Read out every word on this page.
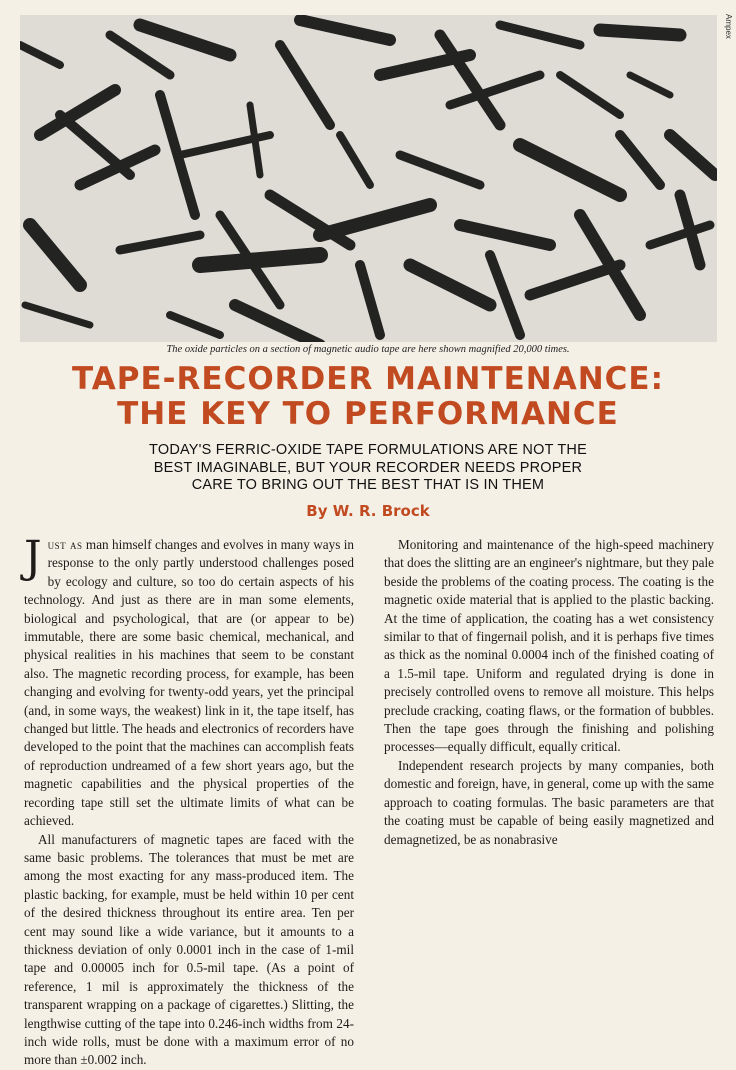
Ampex
The oxide particles on a section of magnetic audio tape are here shown magnified 20,000 times.
TAPE-RECORDER MAINTENANCE:
THE KEY TO PERFORMANCE
TODAY'S FERRIC-OXIDE TAPE FORMULATIONS ARE NOT THE
BEST IMAGINABLE, BUT YOUR RECORDER NEEDS PROPER
CARE TO BRING OUT THE BEST THAT IS IN THEM
By W. R. Brock

Just as man himself changes and evolves in many ways in response to the only partly understood challenges posed by ecology and culture, so too do certain aspects of his technology. And just as there are in man some elements, biological and psychological, that are (or appear to be) immutable, there are some basic chemical, mechanical, and physical realities in his machines that seem to be constant also. The magnetic recording process, for example, has been changing and evolving for twenty-odd years, yet the principal (and, in some ways, the weakest) link in it, the tape itself, has changed but little. The heads and electronics of recorders have developed to the point that the machines can accomplish feats of reproduction undreamed of a few short years ago, but the magnetic capabilities and the physical properties of the recording tape still set the ultimate limits of what can be achieved.

All manufacturers of magnetic tapes are faced with the same basic problems. The tolerances that must be met are among the most exacting for any mass-produced item. The plastic backing, for example, must be held within 10 per cent of the desired thickness throughout its entire area. Ten per cent may sound like a wide variance, but it amounts to a thickness deviation of only 0.0001 inch in the case of 1-mil tape and 0.00005 inch for 0.5-mil tape. (As a point of reference, 1 mil is approximately the thickness of the transparent wrapping on a package of cigarettes.) Slitting, the lengthwise cutting of the tape into 0.246-inch widths from 24-inch wide rolls, must be done with a maximum error of no more than ±0.002 inch.

Monitoring and maintenance of the high-speed machinery that does the slitting are an engineer's nightmare, but they pale beside the problems of the coating process. The coating is the magnetic oxide material that is applied to the plastic backing. At the time of application, the coating has a wet consistency similar to that of fingernail polish, and it is perhaps five times as thick as the nominal 0.0004 inch of the finished coating of a 1.5-mil tape. Uniform and regulated drying is done in precisely controlled ovens to remove all moisture. This helps preclude cracking, coating flaws, or the formation of bubbles. Then the tape goes through the finishing and polishing processes—equally difficult, equally critical.

Independent research projects by many companies, both domestic and foreign, have, in general, come up with the same approach to coating formulas. The basic parameters are that the coating must be capable of being easily magnetized and demagnetized, be as nonabrasive
